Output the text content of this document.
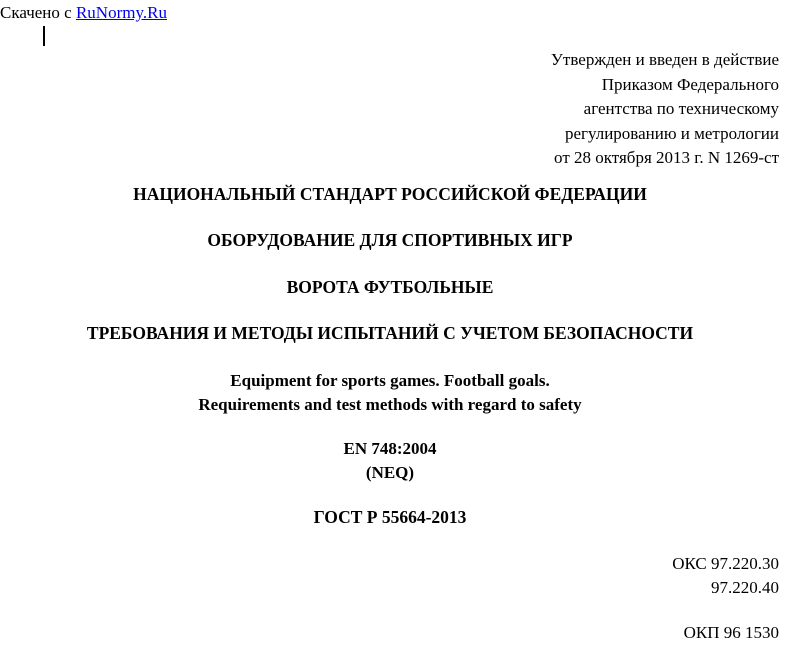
Скачено с RuNormy.Ru
Утвержден и введен в действие
Приказом Федерального
агентства по техническому
регулированию и метрологии
от 28 октября 2013 г. N 1269-ст
НАЦИОНАЛЬНЫЙ СТАНДАРТ РОССИЙСКОЙ ФЕДЕРАЦИИ
ОБОРУДОВАНИЕ ДЛЯ СПОРТИВНЫХ ИГР
ВОРОТА ФУТБОЛЬНЫЕ
ТРЕБОВАНИЯ И МЕТОДЫ ИСПЫТАНИЙ С УЧЕТОМ БЕЗОПАСНОСТИ
Equipment for sports games. Football goals.
Requirements and test methods with regard to safety
EN 748:2004
(NEQ)
ГОСТ Р 55664-2013
ОКС 97.220.30
97.220.40
ОКП 96 1530
